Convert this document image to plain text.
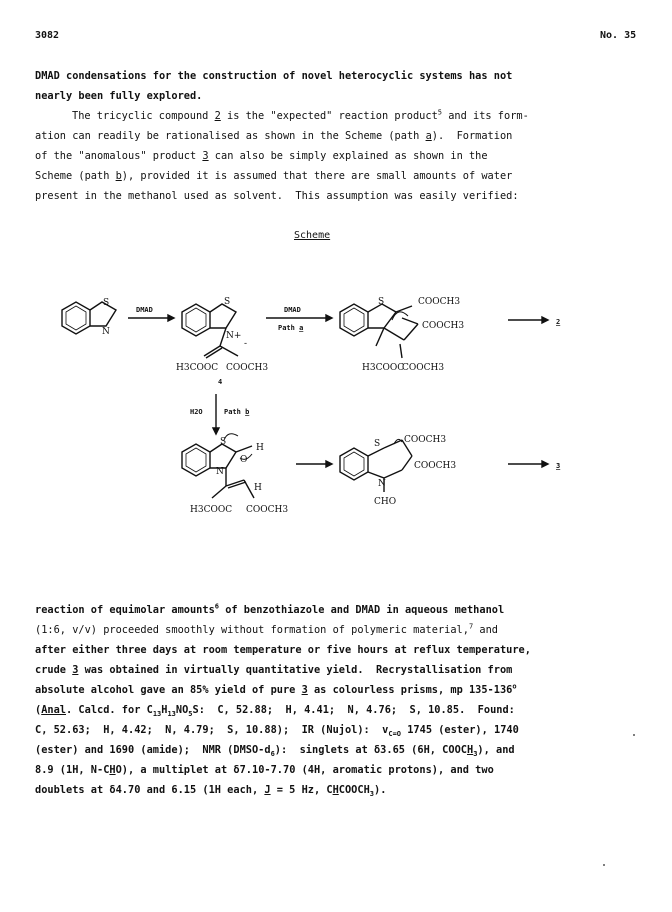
3082	No. 35
DMAD condensations for the construction of novel heterocyclic systems has not
nearly been fully explored.
The tricyclic compound 2 is the "expected" reaction product$^5$ and its form-
ation can readily be rationalised as shown in the Scheme (path a).  Formation
of the "anomalous" product 3 can also be simply explained as shown in the
Scheme (path b), provided it is assumed that there are small amounts of water
present in the methanol used as solvent.  This assumption was easily verified:
Scheme
S
N
DMAD
S
N+
-
H3COOC COOCH3
4
DMAD
Path a
S	COOCH3
COOCH3
H3COOC
COOCH3
2
H2O	Path b
S
O
H
N
H
H3COOC COOCH3
S	COOCH3
COOCH3
N
CHO
3
reaction of equimolar amounts$^6$ of benzothiazole and DMAD in aqueous methanol
(1:6, v/v) proceeded smoothly without formation of polymeric material,$^7$ and
after either three days at room temperature or five hours at reflux temperature,
crude 3 was obtained in virtually quantitative yield.  Recrystallisation from
absolute alcohol gave an 85% yield of pure 3 as colourless prisms, mp 135-136$^o$
(Anal. Calcd. for $C_{13}H_{13}NO_5S$:  C, 52.88;  H, 4.41;  N, 4.76;  S, 10.85.  Found:
C, 52.63;  H, 4.42;  N, 4.79;  S, 10.88);  IR (Nujol):  $v_{C=O}$ 1745 (ester), 1740
(ester) and 1690 (amide);  NMR $(DMSO-d_6)$:  singlets at δ3.65 (6H, $COOCH_3$), and
8.9 (1H, N-CHO), a multiplet at δ7.10-7.70 (4H, aromatic protons), and two
doublets at δ4.70 and 6.15 (1H each, J = 5 Hz, $CHCOOCH_3$).
